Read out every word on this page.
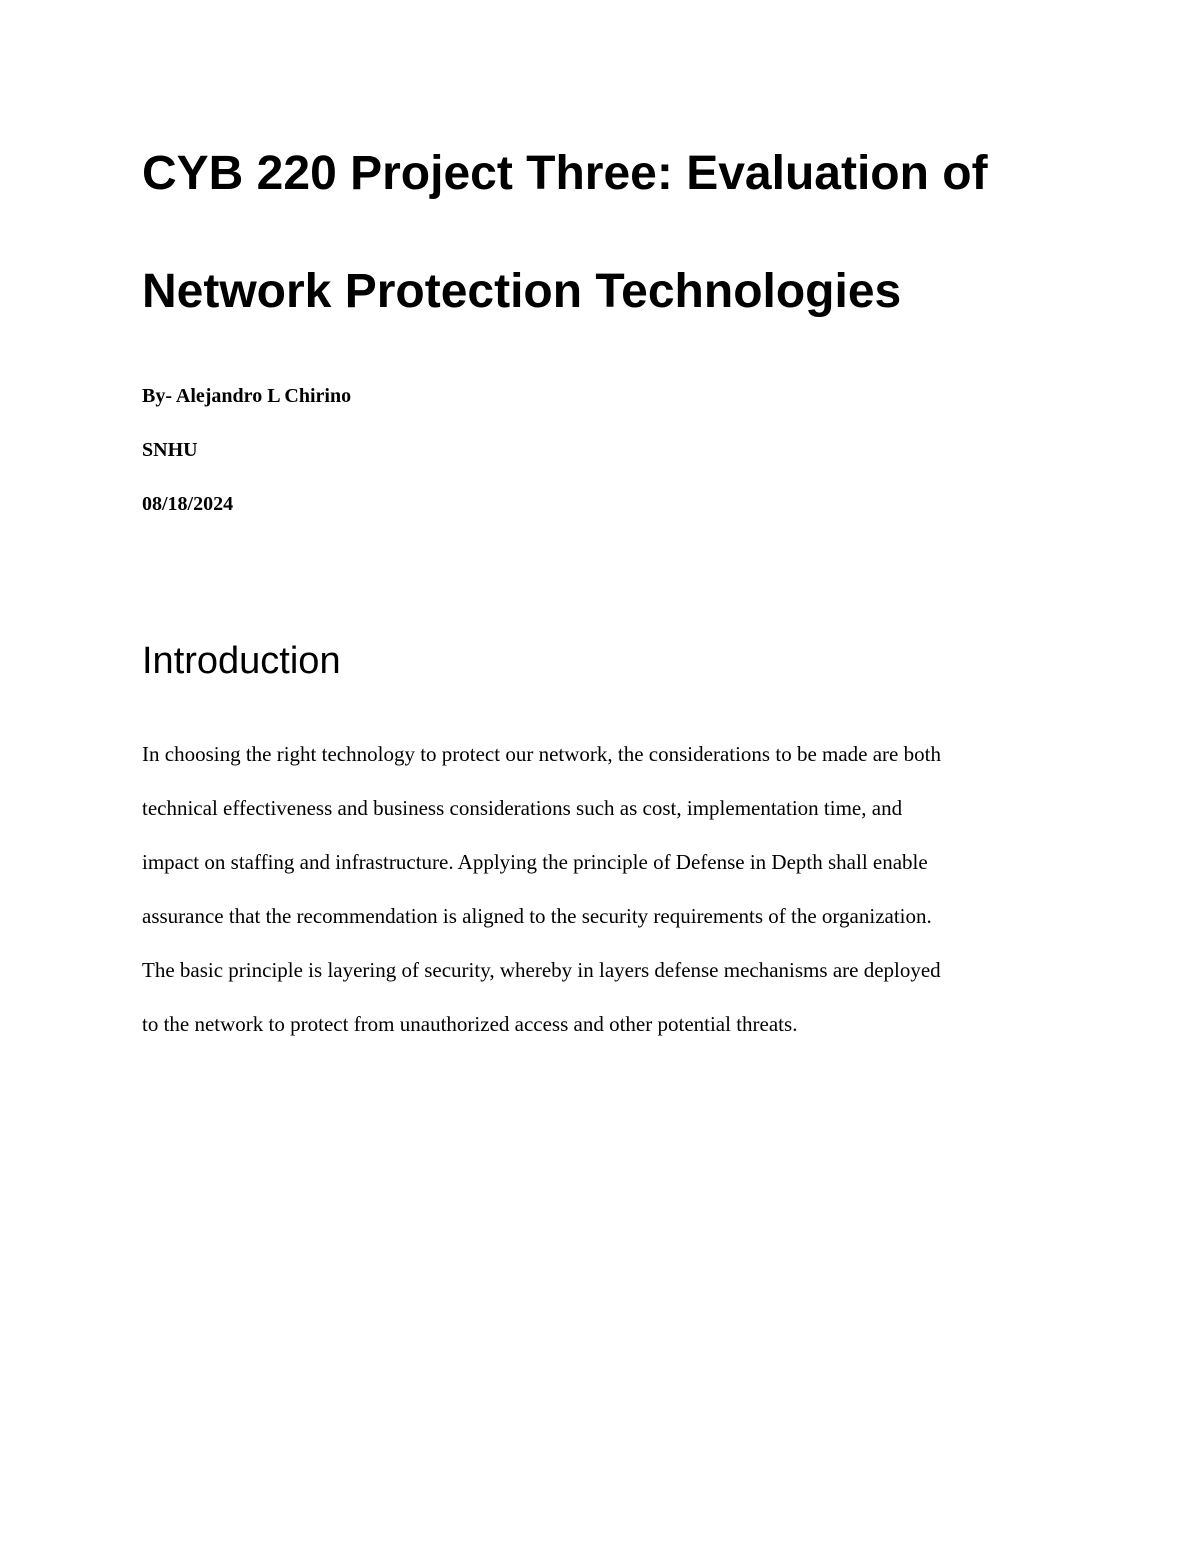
CYB 220 Project Three: Evaluation of
Network Protection Technologies

By- Alejandro L Chirino

SNHU

08/18/2024

Introduction

In choosing the right technology to protect our network, the considerations to be made are both

technical effectiveness and business considerations such as cost, implementation time, and

impact on staffing and infrastructure. Applying the principle of Defense in Depth shall enable

assurance that the recommendation is aligned to the security requirements of the organization.

The basic principle is layering of security, whereby in layers defense mechanisms are deployed

to the network to protect from unauthorized access and other potential threats.
